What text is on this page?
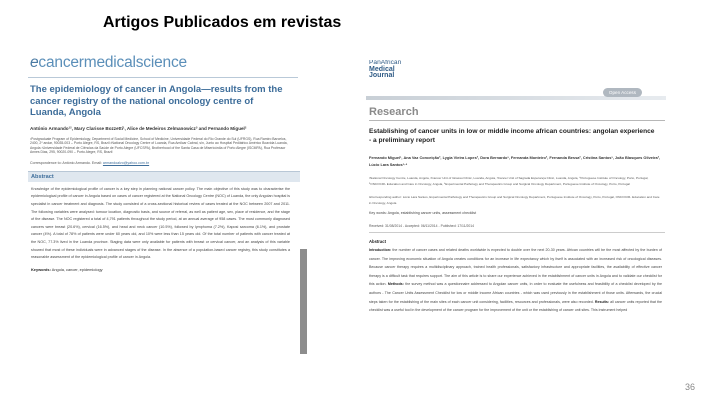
Artigos Publicados em revistas
ecancermedicalscience
The epidemiology of cancer in Angola—results from the cancer registry of the national oncology centre of Luanda, Angola
António Armando¹², Mary Clarisse Bozzetti¹, Alice de Medeiros Zelmanowicz³ and Fernando Miguel²
¹Postgraduate Program of Epidemiology, Department of Social Medicine, School of Medicine, Universidade Federal do Rio Grande do Sul (UFRGS), Rua Ramiro Barcelos, 2400, 2º andar, 90035-003 – Porto Alegre, RS, Brazil ²National Oncology Centre of Luanda, Rua Amilcar Cabral, s/n, Junto ao Hospital Pediátrico Américo Boavida Luanda, Angola ³Universidade Federal de Ciências da Saúde de Porto Alegre (UFCSPA), Brotherhood of the Santa Casa de Misericórdia of Porto Alegre (ISCMPA), Rua Professor Annes Dias, 295, 90020-090 – Porto Alegre, RS, Brazil
Correspondence to: António Armando. Email: armandoalvo@yahoo.com.br
Abstract
Knowledge of the epidemiological profile of cancer is a key step in planning national cancer policy. The main objective of this study was to characterise the epidemiological profile of cancer in Angola based on cases of cancer registered at the National Oncology Centre (NOC) of Luanda, the only Angolan hospital is specialist in cancer treatment and diagnosis. The study consisted of a cross-sectional historical review of cases treated at the NOC between 2007 and 2011. The following variables were analysed: tumour location, diagnostic basis, and source of referral, as well as patient age, sex, place of residence, and the stage of the disease. The NOC registered a total of 4,791 patients throughout the study period, at an annual average of 958 cases. The most commonly diagnosed cancers were breast (20.6%), cervical (16.5%), and head and neck cancer (10.5%), followed by lymphoma (7.2%), Kaposi sarcoma (6.1%), and prostate cancer (4%). A total of 78% of patients were under 60 years old, and 10% were less than 15 years old. Of the total number of patients with cancer treated at the NOC, 77.3% lived in the Luanda province. Staging data were only available for patients with breast or cervical cancer, and an analysis of this variable showed that most of these individuals were in advanced stages of the disease. In the absence of a population-based cancer registry, this study constitutes a reasonable assessment of the epidemiological profile of cancer in Angola.
Keywords: Angola, cancer, epidemiology
PanAfrican
Medical
Journal
Open Access
Research
Establishing of cancer units in low or middle income african countries: angolan experience - a preliminary report
Fernando Miguel¹, Ana Vaz Conceição², Lygia Vieira Lopes², Dora Bernardo³, Fernanda Monteiro², Fernanda Bessa², Cristina Santos³, João Blasques Oliveira², Lúcio Lara Santos¹·⁴
¹National Oncology Centre, Luanda, Angola, ²Cancer Unit of Girassol Clinic, Luanda, Angola, ³Cancer Unit of Sagrada Esperança Clinic, Luanda, Angola, ⁴Portuguese Institute of Oncology, Porto, Portugal, ⁵ONCOCIR- Education and Care in Oncology, Angola, ⁶Experimental Pathology and Therapeutics Group and Surgical Oncology Department, Portuguese Institute of Oncology, Porto, Portugal
&Corresponding author: Lúcio Lara Santos, Experimental Pathology and Therapeutics Group and Surgical Oncology Department, Portuguese Institute of Oncology, Porto, Portugal, ONCOCIR- Education and Care in Oncology, Angola
Key words: Angola, establishing cancer units, assessment checklist
Received: 31/08/2014 - Accepted: 06/11/2014 - Published: 17/11/2014
Abstract
Introduction: the number of cancer cases and related deaths worldwide is expected to double over the next 20-30 years. African countries will be the most affected by the burden of cancer. The improving economic situation of Angola creates conditions for an increase in life expectancy which by itself is associated with an increased risk of oncological diseases. Because cancer therapy requires a multidisciplinary approach, trained health professionals, satisfactory infrastructure and appropriate facilities, the availability of effective cancer therapy is a difficult task that requires support. The aim of this article is to share our experience achieved in the establishment of cancer units in Angola and to validate our checklist for this action. Methods: the survey method was a questionnaire addressed to Angolan cancer units, in order to evaluate the usefulness and feasibility of a checklist developed by the authors - The Cancer Units Assessment Checklist for low or middle income African countries - which was used previously in the establishment of those units. Afterwards, the crucial steps taken for the establishing of the main sites of each cancer unit considering, facilities, resources and professionals, were also recorded. Results: all cancer units reported that the checklist was a useful tool in the development of the cancer program for the improvement of the unit or the establishing of cancer unit sites. This instrument helped
36
